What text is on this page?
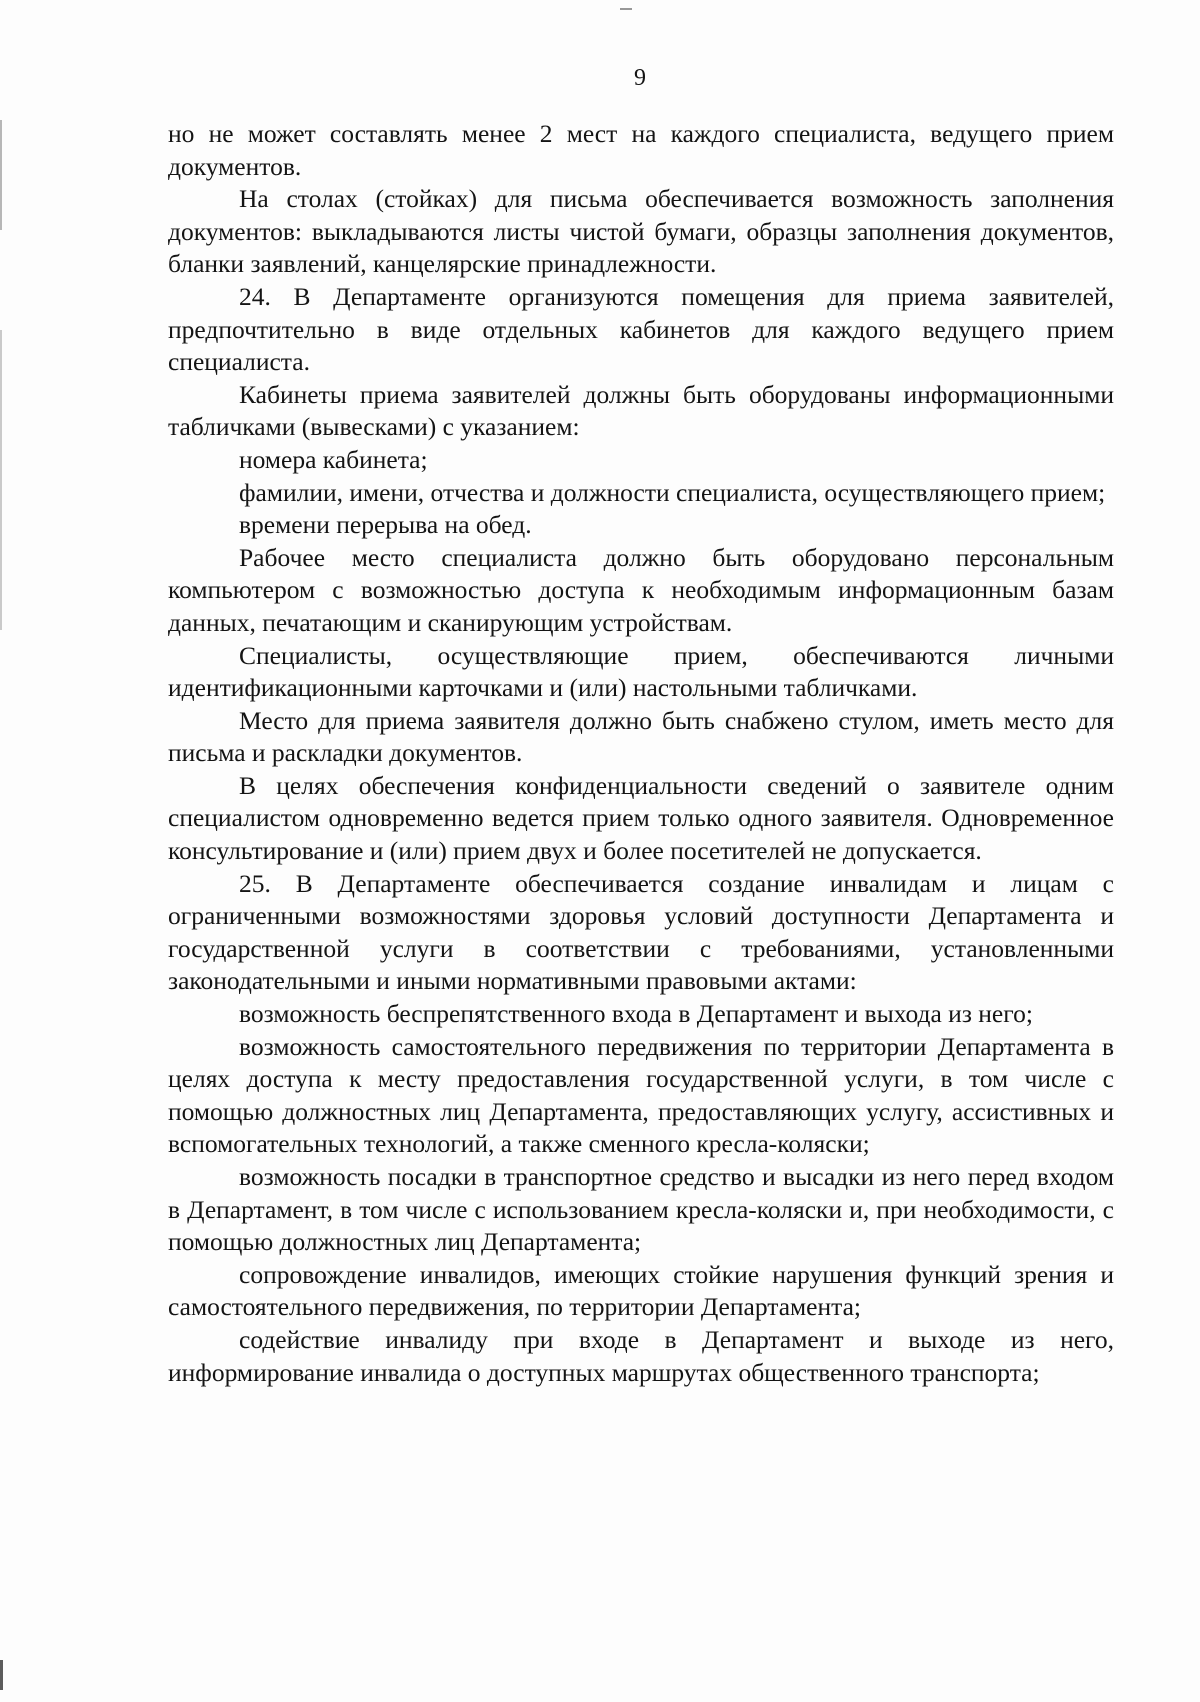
9

но не может составлять менее 2 мест на каждого специалиста, ведущего прием документов.

На столах (стойках) для письма обеспечивается возможность заполнения документов: выкладываются листы чистой бумаги, образцы заполнения документов, бланки заявлений, канцелярские принадлежности.

24. В Департаменте организуются помещения для приема заявителей, предпочтительно в виде отдельных кабинетов для каждого ведущего прием специалиста.

Кабинеты приема заявителей должны быть оборудованы информационными табличками (вывесками) с указанием:

номера кабинета;

фамилии, имени, отчества и должности специалиста, осуществляющего прием;

времени перерыва на обед.

Рабочее место специалиста должно быть оборудовано персональным компьютером с возможностью доступа к необходимым информационным базам данных, печатающим и сканирующим устройствам.

Специалисты, осуществляющие прием, обеспечиваются личными идентификационными карточками и (или) настольными табличками.

Место для приема заявителя должно быть снабжено стулом, иметь место для письма и раскладки документов.

В целях обеспечения конфиденциальности сведений о заявителе одним специалистом одновременно ведется прием только одного заявителя. Одновременное консультирование и (или) прием двух и более посетителей не допускается.

25. В Департаменте обеспечивается создание инвалидам и лицам с ограниченными возможностями здоровья условий доступности Департамента и государственной услуги в соответствии с требованиями, установленными законодательными и иными нормативными правовыми актами:

возможность беспрепятственного входа в Департамент и выхода из него;

возможность самостоятельного передвижения по территории Департамента в целях доступа к месту предоставления государственной услуги, в том числе с помощью должностных лиц Департамента, предоставляющих услугу, ассистивных и вспомогательных технологий, а также сменного кресла-коляски;

возможность посадки в транспортное средство и высадки из него перед входом в Департамент, в том числе с использованием кресла-коляски и, при необходимости, с помощью должностных лиц Департамента;

сопровождение инвалидов, имеющих стойкие нарушения функций зрения и самостоятельного передвижения, по территории Департамента;

содействие инвалиду при входе в Департамент и выходе из него, информирование инвалида о доступных маршрутах общественного транспорта;
